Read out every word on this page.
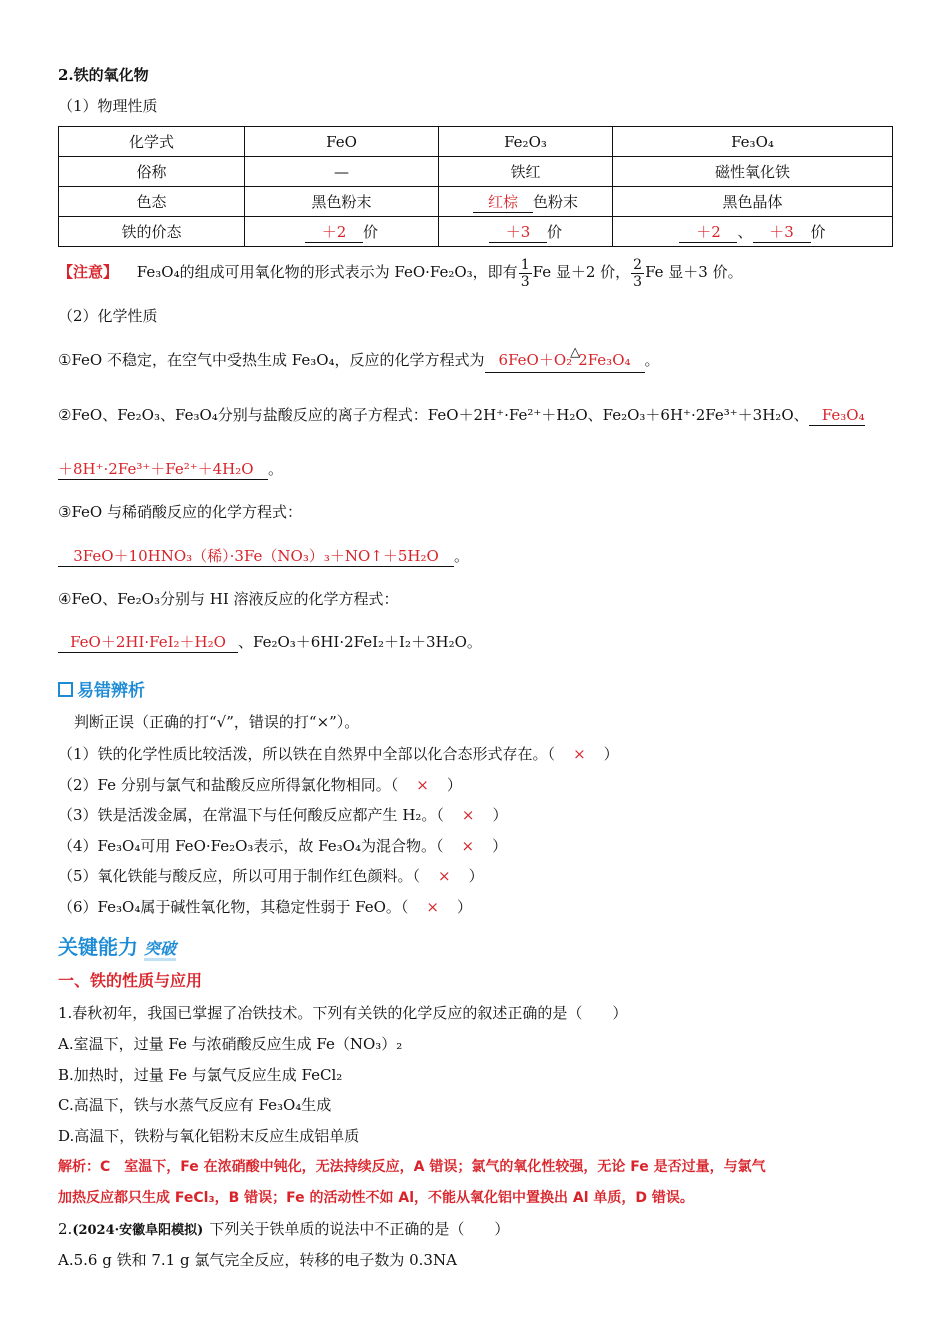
2.铁的氧化物
（1）物理性质
化学式	FeO	Fe₂O₃	Fe₃O₄
俗称	—	铁红	磁性氧化铁
色态	黑色粉末	红棕 色粉末	黑色晶体
铁的价态	＋2 价	＋3 价	＋2 、 ＋3 价
【注意】 Fe₃O₄的组成可用氧化物的形式表示为 FeO·Fe₂O₃，即有 $\frac{1}{3}$ Fe 显＋2 价， $\frac{2}{3}$ Fe 显＋3 价。
（2）化学性质
①FeO 不稳定，在空气中受热生成 Fe₃O₄，反应的化学方程式为 6FeO＋O₂△2Fe₃O₄ 。
②FeO、Fe₂O₃、Fe₃O₄分别与盐酸反应的离子方程式：FeO＋2H⁺·Fe²⁺＋H₂O、Fe₂O₃＋6H⁺·2Fe³⁺＋3H₂O、 Fe₃O₄
＋8H⁺·2Fe³⁺＋Fe²⁺＋4H₂O 。
③FeO 与稀硝酸反应的化学方程式：
3FeO＋10HNO₃（稀）·3Fe（NO₃）₃＋NO↑＋5H₂O 。
④FeO、Fe₂O₃分别与 HI 溶液反应的化学方程式：
FeO＋2HI·FeI₂＋H₂O 、Fe₂O₃＋6HI·2FeI₂＋I₂＋3H₂O。
易错辨析
判断正误（正确的打“√”，错误的打“×”）。
（1）铁的化学性质比较活泼，所以铁在自然界中全部以化合态形式存在。（ × ）
（2）Fe 分别与氯气和盐酸反应所得氯化物相同。（ × ）
（3）铁是活泼金属，在常温下与任何酸反应都产生 H₂。（ × ）
（4）Fe₃O₄可用 FeO·Fe₂O₃表示，故 Fe₃O₄为混合物。（ × ）
（5）氧化铁能与酸反应，所以可用于制作红色颜料。（ × ）
（6）Fe₃O₄属于碱性氧化物，其稳定性弱于 FeO。（ × ）
关键能力 突破
一、铁的性质与应用
1.春秋初年，我国已掌握了冶铁技术。下列有关铁的化学反应的叙述正确的是（　　）
A.室温下，过量 Fe 与浓硝酸反应生成 Fe（NO₃）₂
B.加热时，过量 Fe 与氯气反应生成 FeCl₂
C.高温下，铁与水蒸气反应有 Fe₃O₄生成
D.高温下，铁粉与氧化铝粉末反应生成铝单质
解析：C　室温下，Fe 在浓硝酸中钝化，无法持续反应，A 错误；氯气的氧化性较强，无论 Fe 是否过量，与氯气
加热反应都只生成 FeCl₃，B 错误；Fe 的活动性不如 Al，不能从氧化铝中置换出 Al 单质，D 错误。
2.(2024·安徽阜阳模拟) 下列关于铁单质的说法中不正确的是（　　）
A.5.6 g 铁和 7.1 g 氯气完全反应，转移的电子数为 0.3NA
